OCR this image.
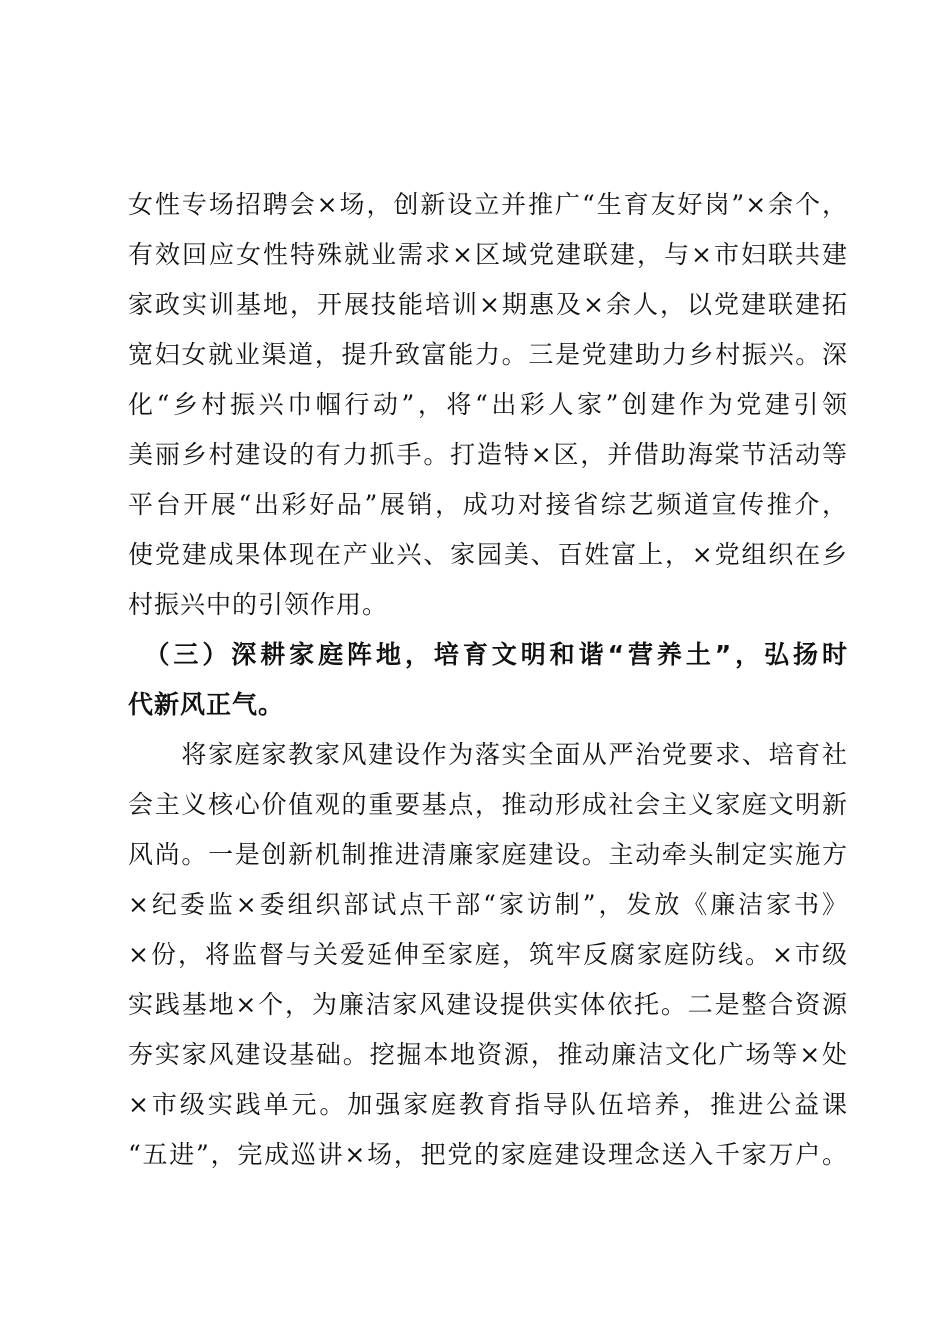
女性专场招聘会×场，创新设立并推广“生育友好岗”×余个，
有效回应女性特殊就业需求×区域党建联建，与×市妇联共建
家政实训基地，开展技能培训×期惠及×余人，以党建联建拓
宽妇女就业渠道，提升致富能力。三是党建助力乡村振兴。深
化“乡村振兴巾帼行动”，将“出彩人家”创建作为党建引领
美丽乡村建设的有力抓手。打造特×区，并借助海棠节活动等
平台开展“出彩好品”展销，成功对接省综艺频道宣传推介，
使党建成果体现在产业兴、家园美、百姓富上，×党组织在乡
村振兴中的引领作用。
　（三）深耕家庭阵地，培育文明和谐“营养土”，弘扬时
代新风正气。
　　将家庭家教家风建设作为落实全面从严治党要求、培育社
会主义核心价值观的重要基点，推动形成社会主义家庭文明新
风尚。一是创新机制推进清廉家庭建设。主动牵头制定实施方
×纪委监×委组织部试点干部“家访制”，发放《廉洁家书》
×份，将监督与关爱延伸至家庭，筑牢反腐家庭防线。×市级
实践基地×个，为廉洁家风建设提供实体依托。二是整合资源
夯实家风建设基础。挖掘本地资源，推动廉洁文化广场等×处
×市级实践单元。加强家庭教育指导队伍培养，推进公益课
“五进”，完成巡讲×场，把党的家庭建设理念送入千家万户。
